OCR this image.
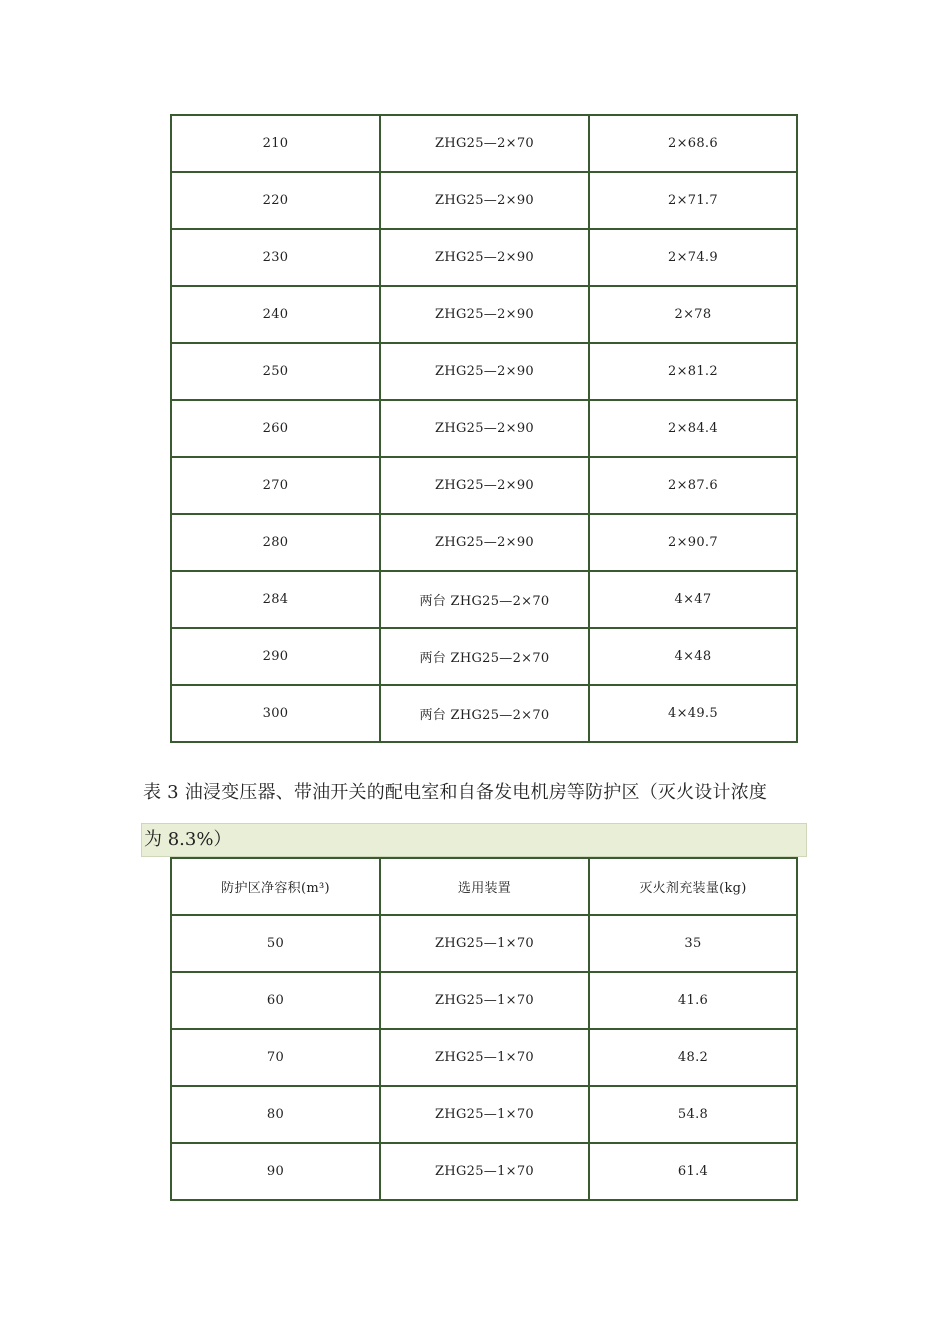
210	ZHG25—2×70	2×68.6
220	ZHG25—2×90	2×71.7
230	ZHG25—2×90	2×74.9
240	ZHG25—2×90	2×78
250	ZHG25—2×90	2×81.2
260	ZHG25—2×90	2×84.4
270	ZHG25—2×90	2×87.6
280	ZHG25—2×90	2×90.7
284	两台 ZHG25—2×70	4×47
290	两台 ZHG25—2×70	4×48
300	两台 ZHG25—2×70	4×49.5
表 3 油浸变压器、带油开关的配电室和自备发电机房等防护区（灭火设计浓度
为 8.3%）
防护区净容积(m³)	选用装置	灭火剂充装量(kg)
50	ZHG25—1×70	35
60	ZHG25—1×70	41.6
70	ZHG25—1×70	48.2
80	ZHG25—1×70	54.8
90	ZHG25—1×70	61.4
